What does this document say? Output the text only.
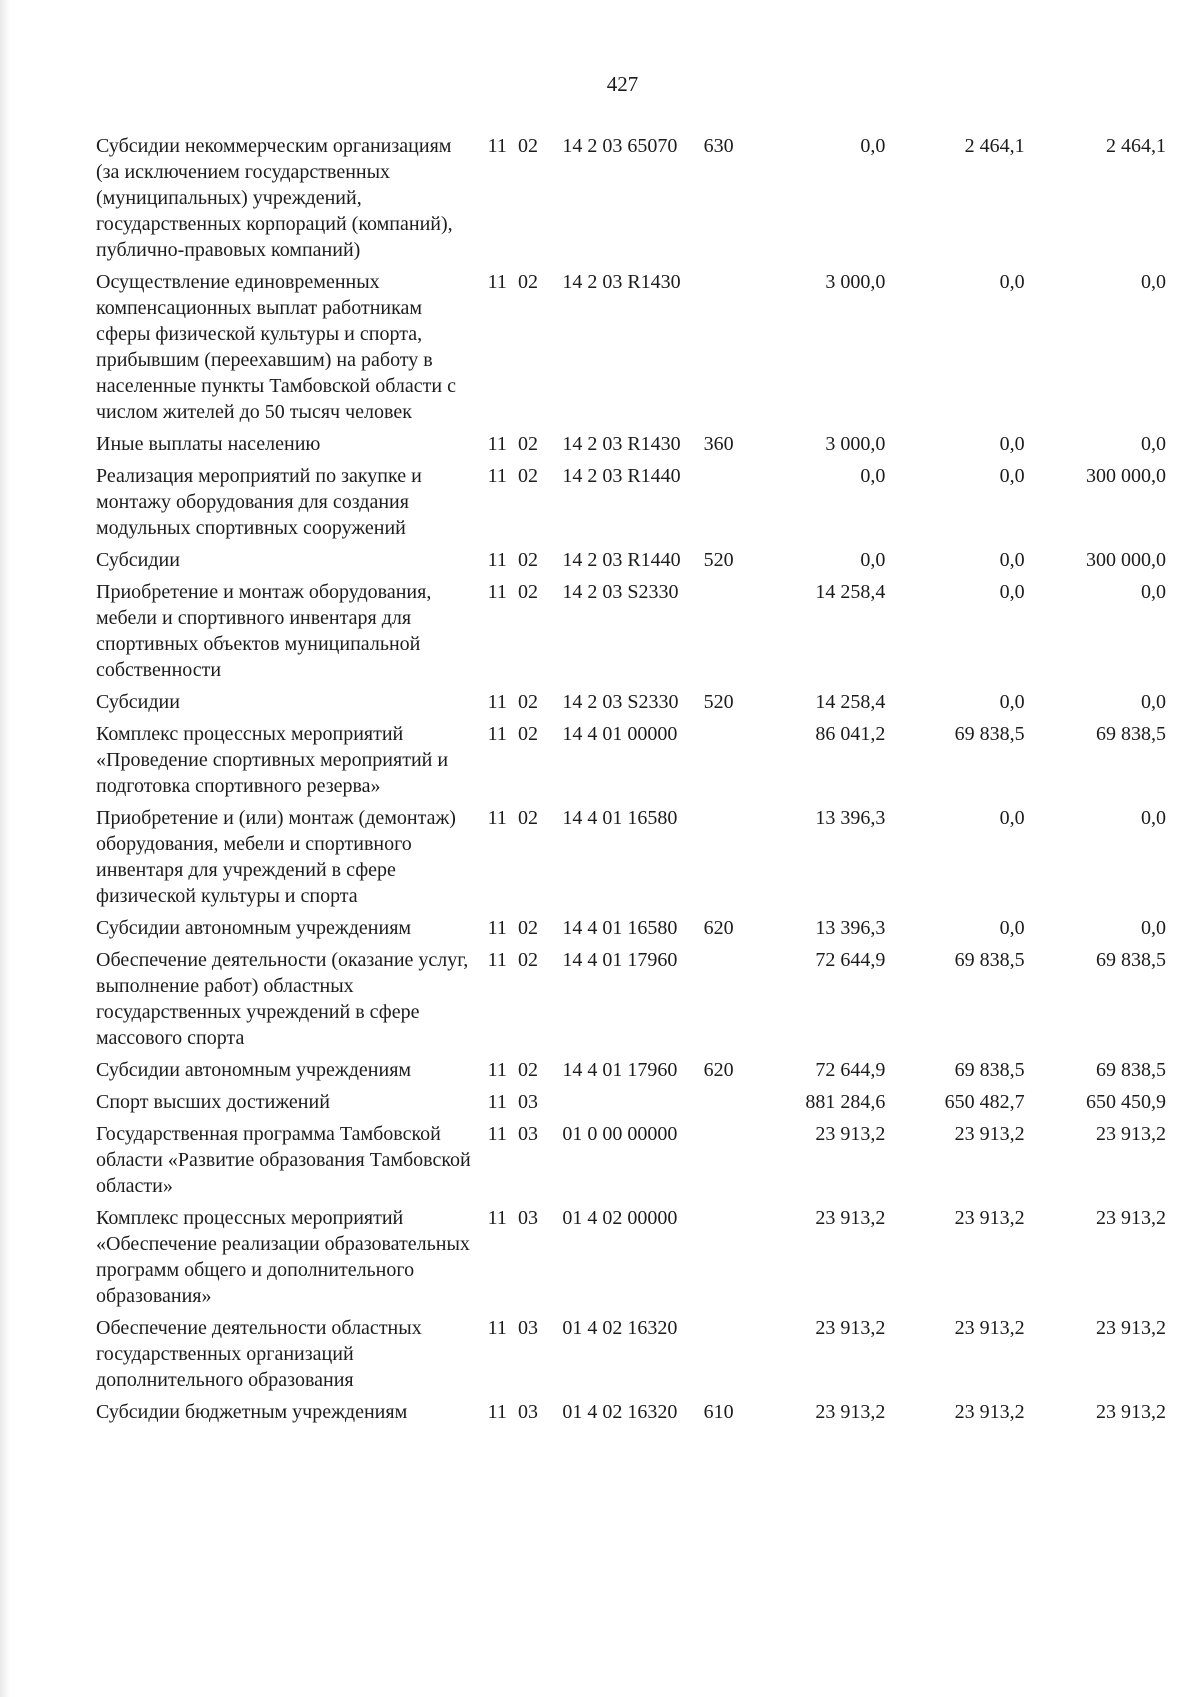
427
Субсидии некоммерческим организациям (за исключением государственных (муниципальных) учреждений, государственных корпораций (компаний), публично-правовых компаний)	11	02	14 2 03 65070	630	0,0	2 464,1	2 464,1
Осуществление единовременных компенсационных выплат работникам сферы физической культуры и спорта, прибывшим (переехавшим) на работу в населенные пункты Тамбовской области с числом жителей до 50 тысяч человек	11	02	14 2 03 R1430		3 000,0	0,0	0,0
Иные выплаты населению	11	02	14 2 03 R1430	360	3 000,0	0,0	0,0
Реализация мероприятий по закупке и монтажу оборудования для создания модульных спортивных сооружений	11	02	14 2 03 R1440		0,0	0,0	300 000,0
Субсидии	11	02	14 2 03 R1440	520	0,0	0,0	300 000,0
Приобретение и монтаж оборудования, мебели и спортивного инвентаря для спортивных объектов муниципальной собственности	11	02	14 2 03 S2330		14 258,4	0,0	0,0
Субсидии	11	02	14 2 03 S2330	520	14 258,4	0,0	0,0
Комплекс процессных мероприятий «Проведение спортивных мероприятий и подготовка спортивного резерва»	11	02	14 4 01 00000		86 041,2	69 838,5	69 838,5
Приобретение и (или) монтаж (демонтаж) оборудования, мебели и спортивного инвентаря для учреждений в сфере физической культуры и спорта	11	02	14 4 01 16580		13 396,3	0,0	0,0
Субсидии автономным учреждениям	11	02	14 4 01 16580	620	13 396,3	0,0	0,0
Обеспечение деятельности (оказание услуг, выполнение работ) областных государственных учреждений в сфере массового спорта	11	02	14 4 01 17960		72 644,9	69 838,5	69 838,5
Субсидии автономным учреждениям	11	02	14 4 01 17960	620	72 644,9	69 838,5	69 838,5
Спорт высших достижений	11	03			881 284,6	650 482,7	650 450,9
Государственная программа Тамбовской области «Развитие образования Тамбовской области»	11	03	01 0 00 00000		23 913,2	23 913,2	23 913,2
Комплекс процессных мероприятий «Обеспечение реализации образовательных программ общего и дополнительного образования»	11	03	01 4 02 00000		23 913,2	23 913,2	23 913,2
Обеспечение деятельности областных государственных организаций дополнительного образования	11	03	01 4 02 16320		23 913,2	23 913,2	23 913,2
Субсидии бюджетным учреждениям	11	03	01 4 02 16320	610	23 913,2	23 913,2	23 913,2
